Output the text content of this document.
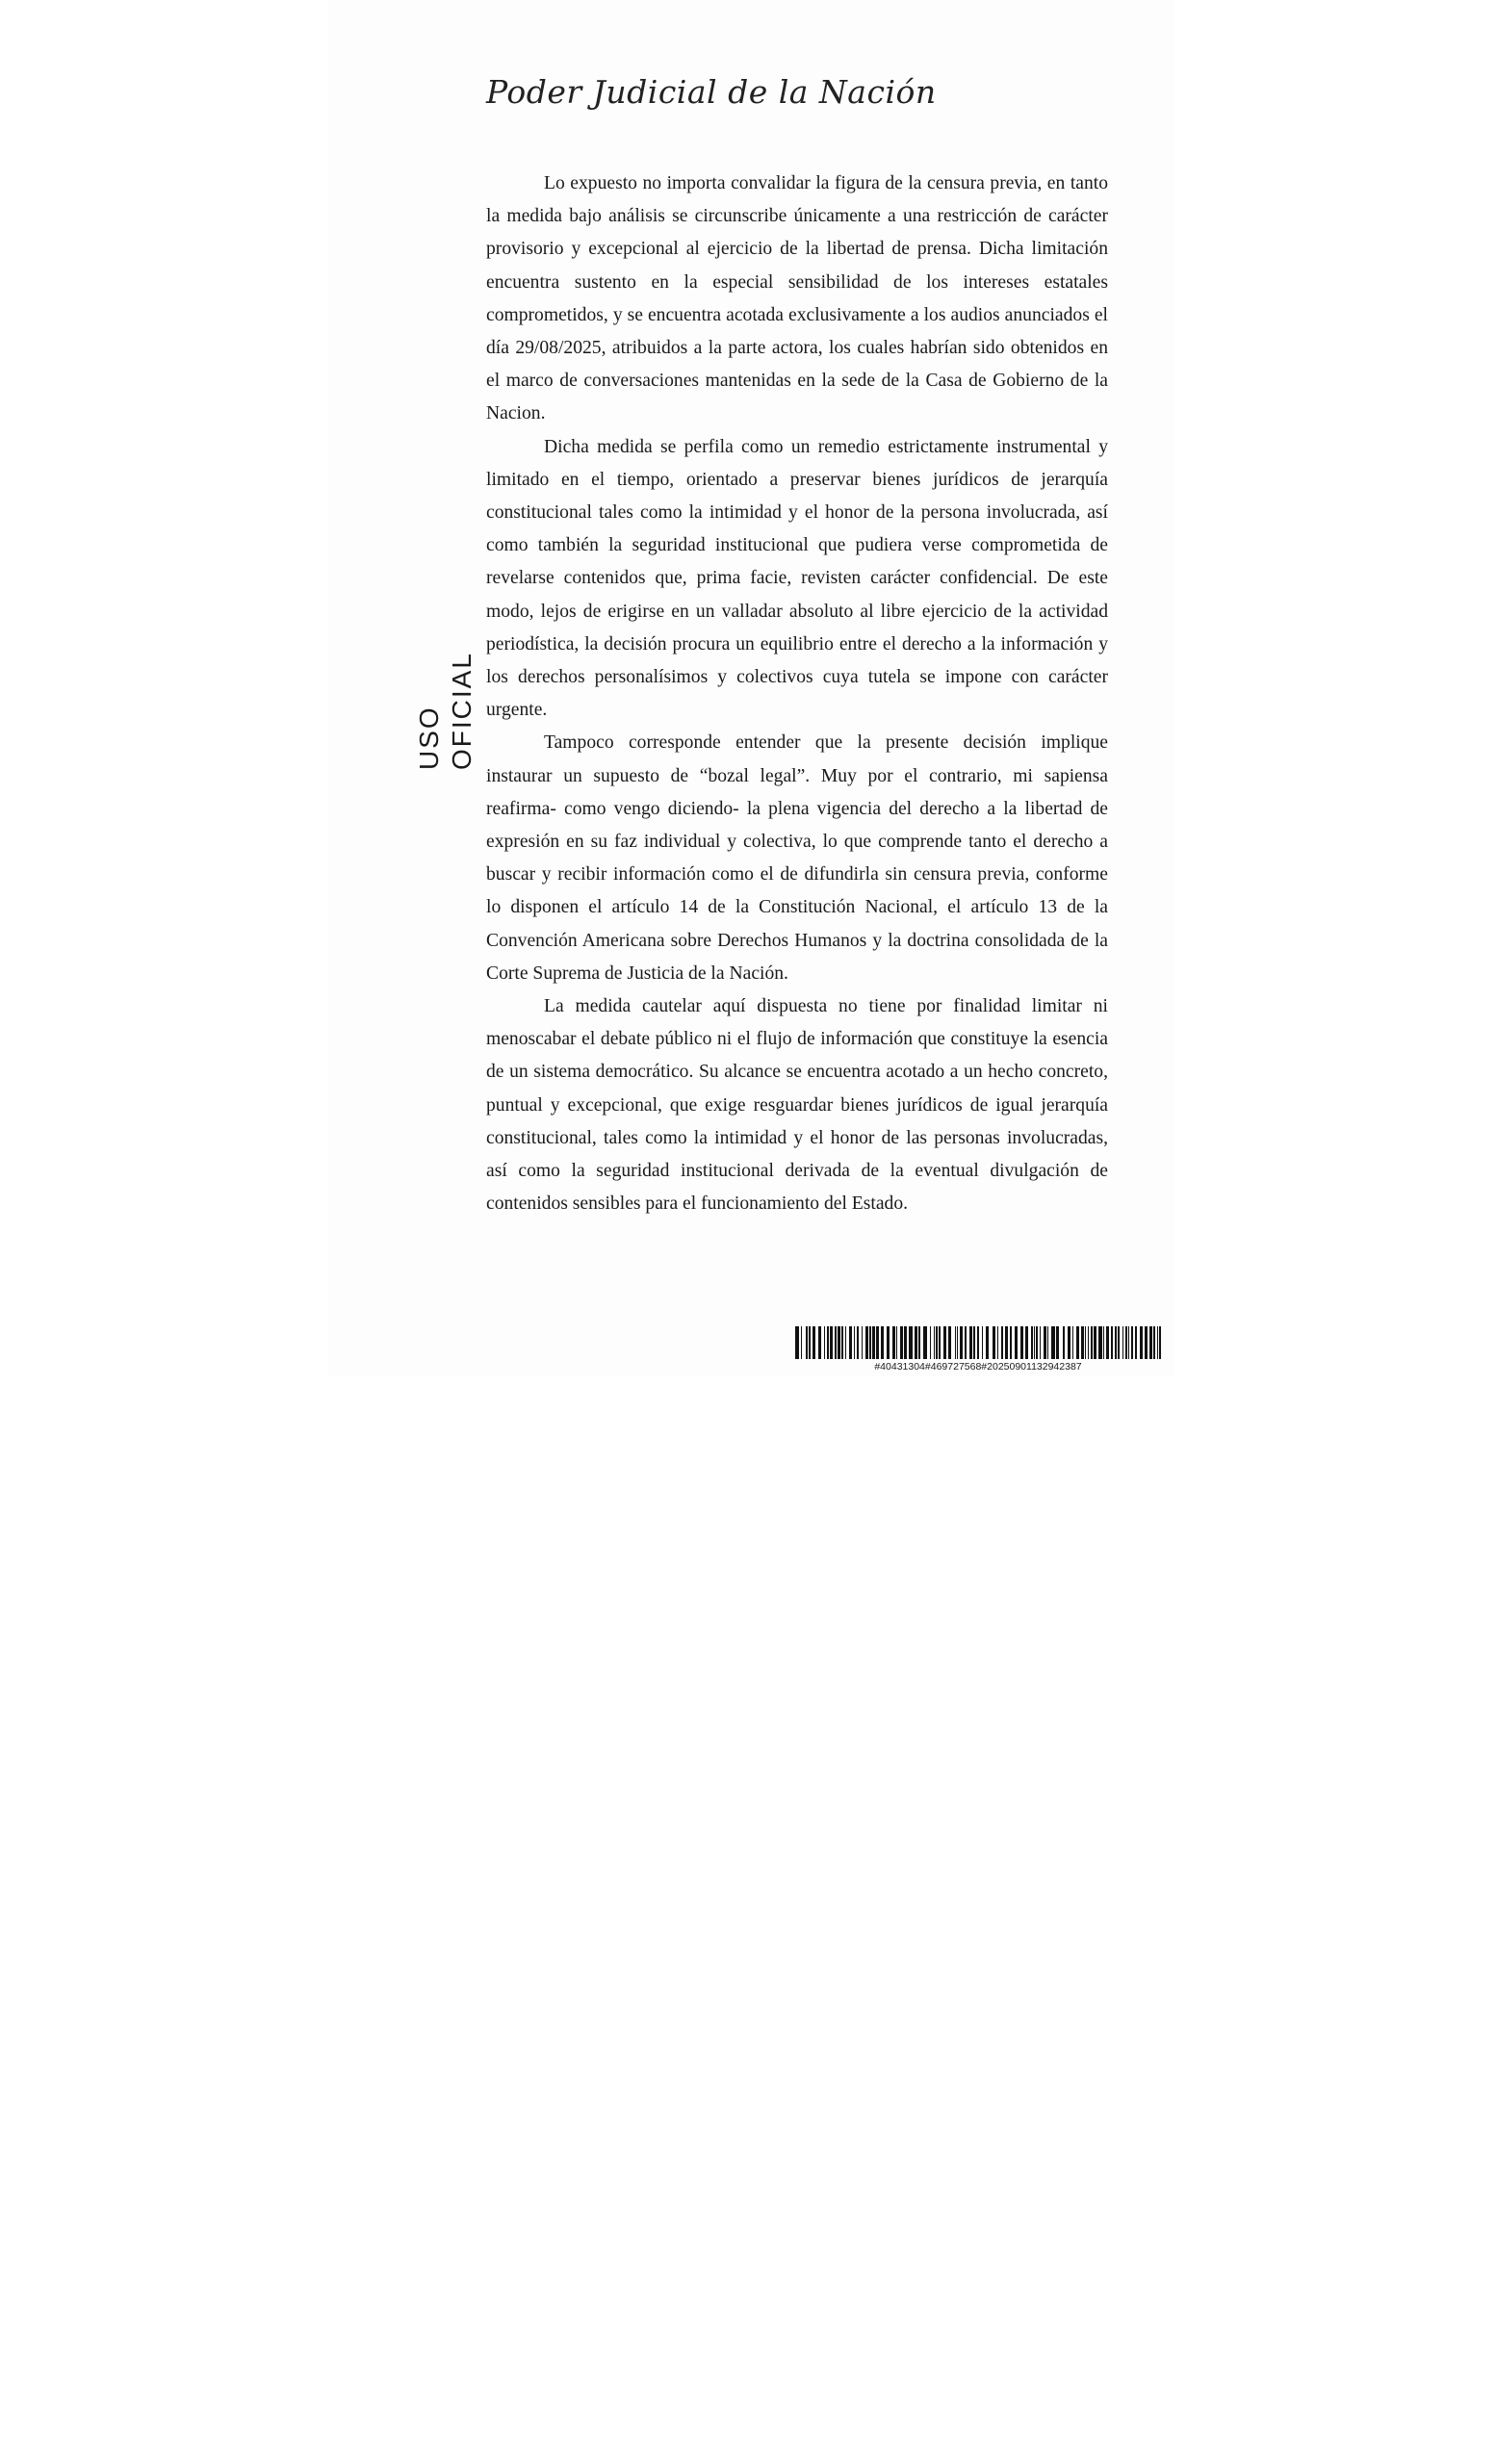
Poder Judicial de la Nación
USO OFICIAL

Lo expuesto no importa convalidar la figura de la censura previa, en tanto la medida bajo análisis se circunscribe únicamente a una restricción de carácter provisorio y excepcional al ejercicio de la libertad de prensa. Dicha limitación encuentra sustento en la especial sensibilidad de los intereses estatales comprometidos, y se encuentra acotada exclusivamente a los audios anunciados el día 29/08/2025, atribuidos a la parte actora, los cuales habrían sido obtenidos en el marco de conversaciones mantenidas en la sede de la Casa de Gobierno de la Nacion.

Dicha medida se perfila como un remedio estrictamente instrumental y limitado en el tiempo, orientado a preservar bienes jurídicos de jerarquía constitucional tales como la intimidad y el honor de la persona involucrada, así como también la seguridad institucional que pudiera verse comprometida de revelarse contenidos que, prima facie, revisten carácter confidencial. De este modo, lejos de erigirse en un valladar absoluto al libre ejercicio de la actividad periodística, la decisión procura un equilibrio entre el derecho a la información y los derechos personalísimos y colectivos cuya tutela se impone con carácter urgente.

Tampoco corresponde entender que la presente decisión implique instaurar un supuesto de “bozal legal”. Muy por el contrario, mi sapiensa reafirma- como vengo diciendo- la plena vigencia del derecho a la libertad de expresión en su faz individual y colectiva, lo que comprende tanto el derecho a buscar y recibir información como el de difundirla sin censura previa, conforme lo disponen el artículo 14 de la Constitución Nacional, el artículo 13 de la Convención Americana sobre Derechos Humanos y la doctrina consolidada de la Corte Suprema de Justicia de la Nación.

La medida cautelar aquí dispuesta no tiene por finalidad limitar ni menoscabar el debate público ni el flujo de información que constituye la esencia de un sistema democrático. Su alcance se encuentra acotado a un hecho concreto, puntual y excepcional, que exige resguardar bienes jurídicos de igual jerarquía constitucional, tales como la intimidad y el honor de las personas involucradas, así como la seguridad institucional derivada de la eventual divulgación de contenidos sensibles para el funcionamiento del Estado.

#40431304#469727568#20250901132942387
